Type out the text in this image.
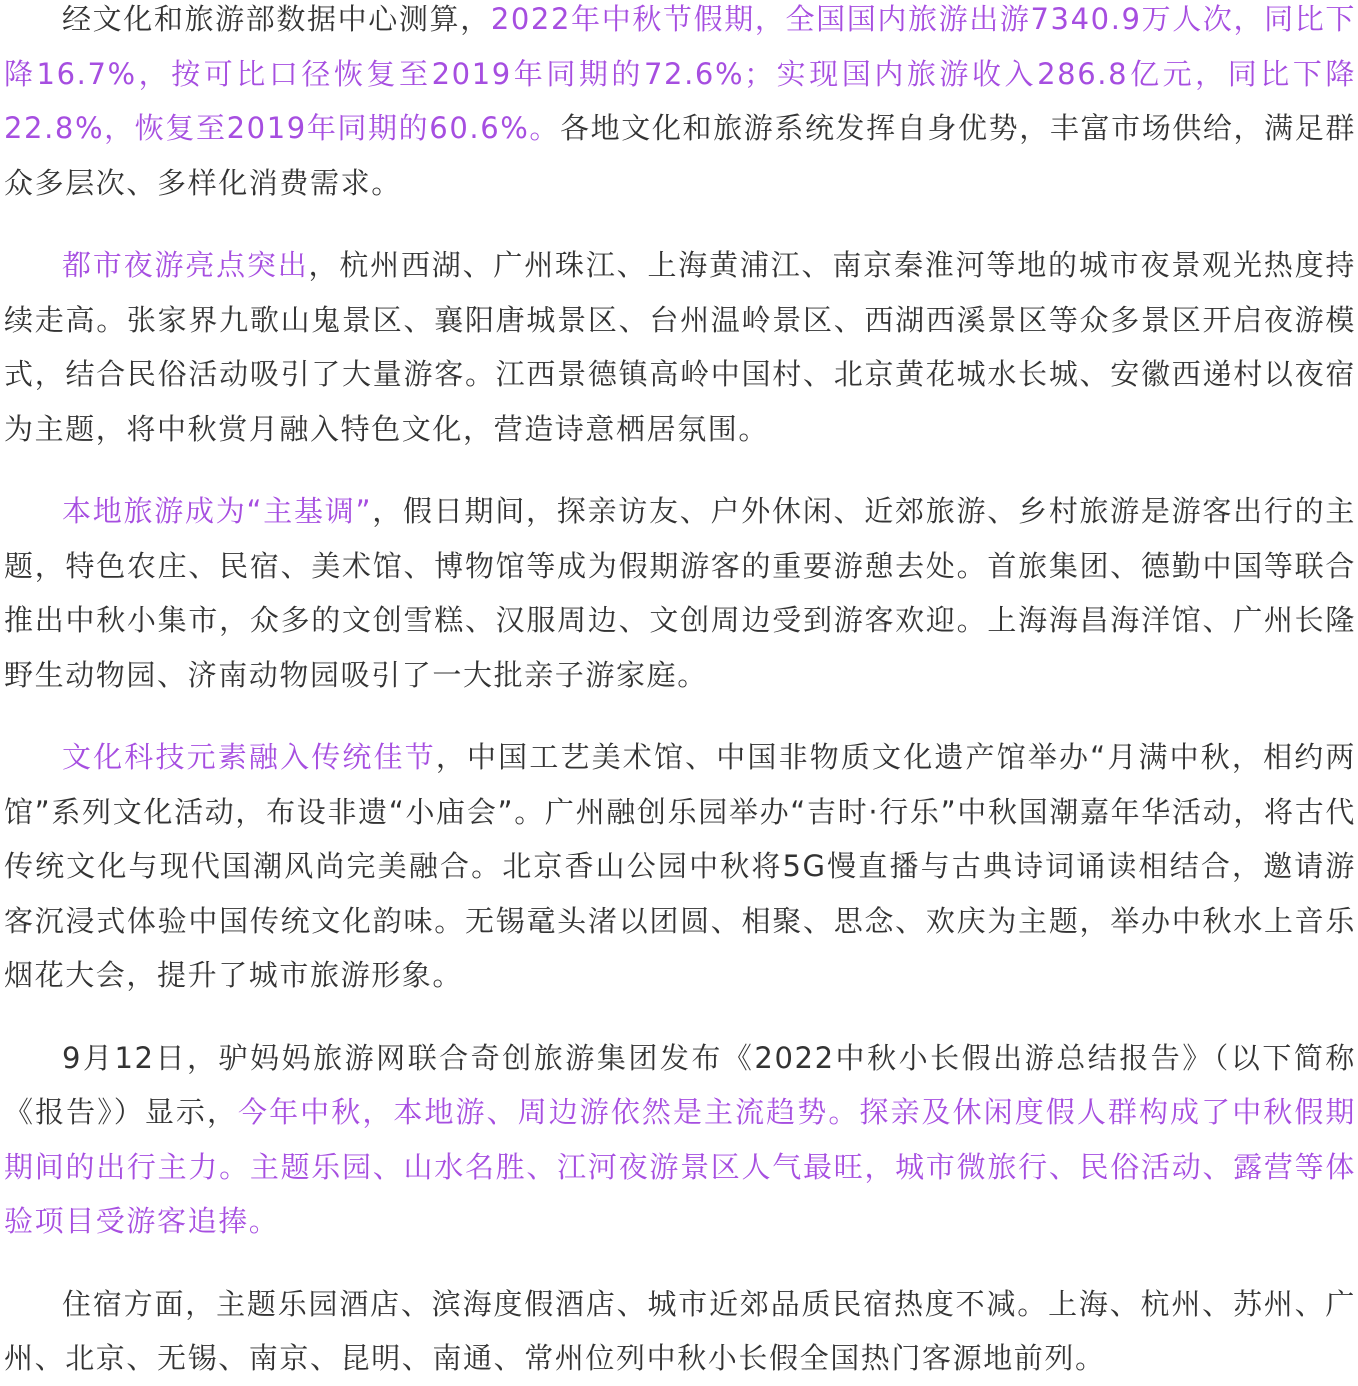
经文化和旅游部数据中心测算，2022年中秋节假期，全国国内旅游出游7340.9万人次，同比下降16.7%，按可比口径恢复至2019年同期的72.6%；实现国内旅游收入286.8亿元，同比下降22.8%，恢复至2019年同期的60.6%。各地文化和旅游系统发挥自身优势，丰富市场供给，满足群众多层次、多样化消费需求。

都市夜游亮点突出，杭州西湖、广州珠江、上海黄浦江、南京秦淮河等地的城市夜景观光热度持续走高。张家界九歌山鬼景区、襄阳唐城景区、台州温岭景区、西湖西溪景区等众多景区开启夜游模式，结合民俗活动吸引了大量游客。江西景德镇高岭中国村、北京黄花城水长城、安徽西递村以夜宿为主题，将中秋赏月融入特色文化，营造诗意栖居氛围。

本地旅游成为“主基调”，假日期间，探亲访友、户外休闲、近郊旅游、乡村旅游是游客出行的主题，特色农庄、民宿、美术馆、博物馆等成为假期游客的重要游憩去处。首旅集团、德勤中国等联合推出中秋小集市，众多的文创雪糕、汉服周边、文创周边受到游客欢迎。上海海昌海洋馆、广州长隆野生动物园、济南动物园吸引了一大批亲子游家庭。

文化科技元素融入传统佳节，中国工艺美术馆、中国非物质文化遗产馆举办“月满中秋，相约两馆”系列文化活动，布设非遗“小庙会”。广州融创乐园举办“吉时·行乐”中秋国潮嘉年华活动，将古代传统文化与现代国潮风尚完美融合。北京香山公园中秋将5G慢直播与古典诗词诵读相结合，邀请游客沉浸式体验中国传统文化韵味。无锡鼋头渚以团圆、相聚、思念、欢庆为主题，举办中秋水上音乐烟花大会，提升了城市旅游形象。

9月12日，驴妈妈旅游网联合奇创旅游集团发布《2022中秋小长假出游总结报告》（以下简称《报告》）显示，今年中秋，本地游、周边游依然是主流趋势。探亲及休闲度假人群构成了中秋假期期间的出行主力。主题乐园、山水名胜、江河夜游景区人气最旺，城市微旅行、民俗活动、露营等体验项目受游客追捧。

住宿方面，主题乐园酒店、滨海度假酒店、城市近郊品质民宿热度不减。上海、杭州、苏州、广州、北京、无锡、南京、昆明、南通、常州位列中秋小长假全国热门客源地前列。
